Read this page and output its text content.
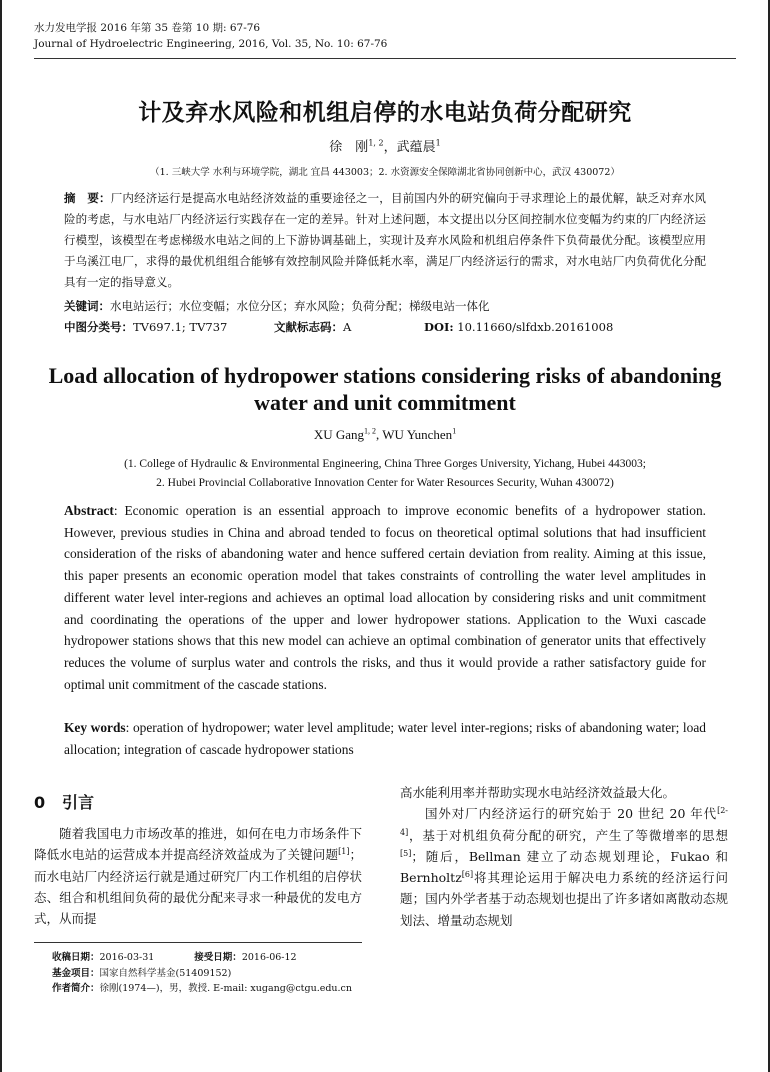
水力发电学报 2016 年第 35 卷第 10 期: 67-76
Journal of Hydroelectric Engineering, 2016, Vol. 35, No. 10: 67-76
计及弃水风险和机组启停的水电站负荷分配研究
徐　刚$^{1, 2}$，武蕴晨$^1$
（1. 三峡大学 水利与环境学院，湖北 宜昌 443003；2. 水资源安全保障湖北省协同创新中心，武汉 430072）
摘　要：厂内经济运行是提高水电站经济效益的重要途径之一，目前国内外的研究偏向于寻求理论上的最优解，缺乏对弃水风险的考虑，与水电站厂内经济运行实践存在一定的差异。针对上述问题，本文提出以分区间控制水位变幅为约束的厂内经济运行模型，该模型在考虑梯级水电站之间的上下游协调基础上，实现计及弃水风险和机组启停条件下负荷最优分配。该模型应用于乌溪江电厂，求得的最优机组组合能够有效控制风险并降低耗水率，满足厂内经济运行的需求，对水电站厂内负荷优化分配具有一定的指导意义。
关键词：水电站运行；水位变幅；水位分区；弃水风险；负荷分配；梯级电站一体化
中图分类号：TV697.1; TV737	文献标志码：A	DOI: 10.11660/slfdxb.20161008
Load allocation of hydropower stations considering risks of abandoning water and unit commitment
XU Gang$^{1, 2}$, WU Yunchen$^1$
(1. College of Hydraulic & Environmental Engineering, China Three Gorges University, Yichang, Hubei 443003;
2. Hubei Provincial Collaborative Innovation Center for Water Resources Security, Wuhan 430072)
Abstract: Economic operation is an essential approach to improve economic benefits of a hydropower station. However, previous studies in China and abroad tended to focus on theoretical optimal solutions that had insufficient consideration of the risks of abandoning water and hence suffered certain deviation from reality. Aiming at this issue, this paper presents an economic operation model that takes constraints of controlling the water level amplitudes in different water level inter-regions and achieves an optimal load allocation by considering risks and unit commitment and coordinating the operations of the upper and lower hydropower stations. Application to the Wuxi cascade hydropower stations shows that this new model can achieve an optimal combination of generator units that effectively reduces the volume of surplus water and controls the risks, and thus it would provide a rather satisfactory guide for optimal unit commitment of the cascade stations.
Key words: operation of hydropower; water level amplitude; water level inter-regions; risks of abandoning water; load allocation; integration of cascade hydropower stations
0 引言

随着我国电力市场改革的推进，如何在电力市场条件下降低水电站的运营成本并提高经济效益成为了关键问题[1]；而水电站厂内经济运行就是通过研究厂内工作机组的启停状态、组合和机组间负荷的最优分配来寻求一种最优的发电方式，从而提

高水能利用率并帮助实现水电站经济效益最大化。

国外对厂内经济运行的研究始于 20 世纪 20 年代[2-4]，基于对机组负荷分配的研究，产生了等微增率的思想[5]；随后，Bellman 建立了动态规划理论，Fukao 和 Bernholtz[6]将其理论运用于解决电力系统的经济运行问题；国内外学者基于动态规划也提出了许多诸如离散动态规划法、增量动态规划

收稿日期：2016-03-31	接受日期：2016-06-12
基金项目：国家自然科学基金(51409152)
作者简介：徐刚(1974—)，男，教授. E-mail: xugang@ctgu.edu.cn
